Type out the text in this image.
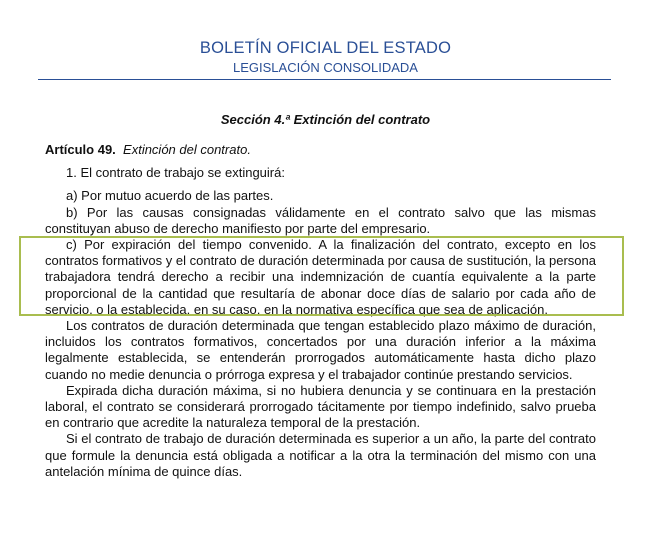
BOLETÍN OFICIAL DEL ESTADO
LEGISLACIÓN CONSOLIDADA
Sección 4.ª Extinción del contrato

Artículo 49. Extinción del contrato.

1. El contrato de trabajo se extinguirá:

a) Por mutuo acuerdo de las partes.

b) Por las causas consignadas válidamente en el contrato salvo que las mismas constituyan abuso de derecho manifiesto por parte del empresario.

c) Por expiración del tiempo convenido. A la finalización del contrato, excepto en los contratos formativos y el contrato de duración determinada por causa de sustitución, la persona trabajadora tendrá derecho a recibir una indemnización de cuantía equivalente a la parte proporcional de la cantidad que resultaría de abonar doce días de salario por cada año de servicio, o la establecida, en su caso, en la normativa específica que sea de aplicación.

Los contratos de duración determinada que tengan establecido plazo máximo de duración, incluidos los contratos formativos, concertados por una duración inferior a la máxima legalmente establecida, se entenderán prorrogados automáticamente hasta dicho plazo cuando no medie denuncia o prórroga expresa y el trabajador continúe prestando servicios.

Expirada dicha duración máxima, si no hubiera denuncia y se continuara en la prestación laboral, el contrato se considerará prorrogado tácitamente por tiempo indefinido, salvo prueba en contrario que acredite la naturaleza temporal de la prestación.

Si el contrato de trabajo de duración determinada es superior a un año, la parte del contrato que formule la denuncia está obligada a notificar a la otra la terminación del mismo con una antelación mínima de quince días.
